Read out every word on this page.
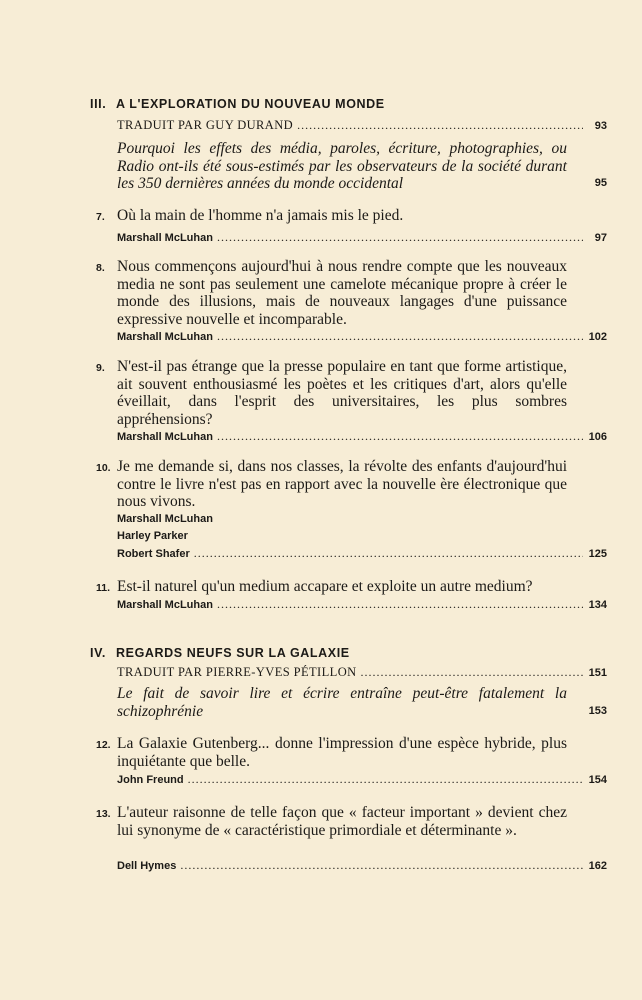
III. A L'EXPLORATION DU NOUVEAU MONDE
TRADUIT PAR GUY DURAND .....	93
Pourquoi les effets des média, paroles, écriture, photographies, ou Radio ont-ils été sous-estimés par les observateurs de la société durant les 350 dernières années du monde occidental	95
7. Où la main de l'homme n'a jamais mis le pied.
Marshall McLuhan .....	97
8. Nous commençons aujourd'hui à nous rendre compte que les nouveaux media ne sont pas seulement une camelote mécanique propre à créer le monde des illusions, mais de nouveaux langages d'une puissance expressive nouvelle et incomparable.
Marshall McLuhan .....	102
9. N'est-il pas étrange que la presse populaire en tant que forme artistique, ait souvent enthousiasmé les poètes et les critiques d'art, alors qu'elle éveillait, dans l'esprit des universitaires, les plus sombres appréhensions?
Marshall McLuhan .....	106
10. Je me demande si, dans nos classes, la révolte des enfants d'aujourd'hui contre le livre n'est pas en rapport avec la nouvelle ère électronique que nous vivons.
Marshall McLuhan
Harley Parker
Robert Shafer .....	125
11. Est-il naturel qu'un medium accapare et exploite un autre medium?
Marshall McLuhan .....	134
IV. REGARDS NEUFS SUR LA GALAXIE
TRADUIT PAR PIERRE-YVES PÉTILLON .....	151
Le fait de savoir lire et écrire entraîne peut-être fatalement la schizophrénie	153
12. La Galaxie Gutenberg... donne l'impression d'une espèce hybride, plus inquiétante que belle.
John Freund .....	154
13. L'auteur raisonne de telle façon que « facteur important » devient chez lui synonyme de « caractéristique primordiale et déterminante ».
Dell Hymes .....	162
